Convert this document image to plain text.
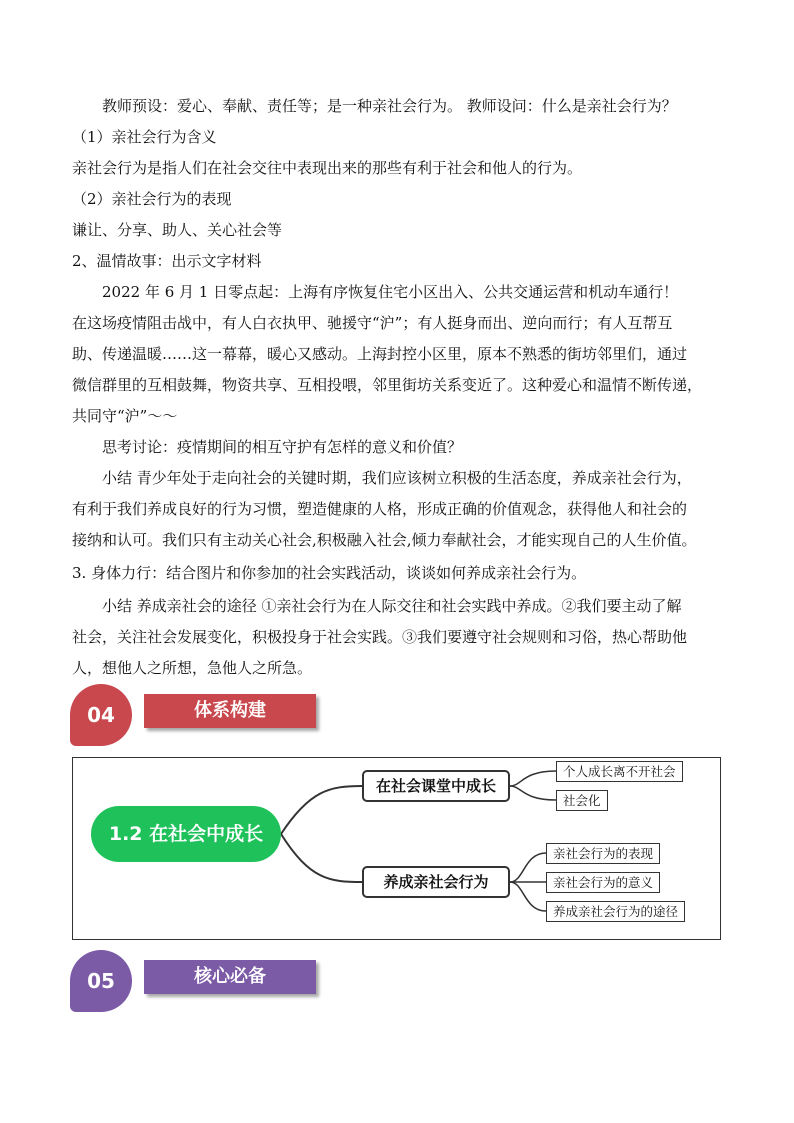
教师预设：爱心、奉献、责任等；是一种亲社会行为。 教师设问：什么是亲社会行为？
（1）亲社会行为含义
亲社会行为是指人们在社会交往中表现出来的那些有利于社会和他人的行为。
（2）亲社会行为的表现
谦让、分享、助人、关心社会等
2、温情故事：出示文字材料
2022 年 6 月 1 日零点起：上海有序恢复住宅小区出入、公共交通运营和机动车通行！
在这场疫情阻击战中，有人白衣执甲、驰援守“沪”；有人挺身而出、逆向而行；有人互帮互
助、传递温暖……这一幕幕，暖心又感动。上海封控小区里，原本不熟悉的街坊邻里们，通过
微信群里的互相鼓舞，物资共享、互相投喂，邻里街坊关系变近了。这种爱心和温情不断传递，
共同守“沪”～～
思考讨论：疫情期间的相互守护有怎样的意义和价值？
小结 青少年处于走向社会的关键时期，我们应该树立积极的生活态度，养成亲社会行为，
有利于我们养成良好的行为习惯，塑造健康的人格，形成正确的价值观念，获得他人和社会的
接纳和认可。我们只有主动关心社会,积极融入社会,倾力奉献社会，才能实现自己的人生价值。
3. 身体力行：结合图片和你参加的社会实践活动，谈谈如何养成亲社会行为。
小结 养成亲社会的途径 ①亲社会行为在人际交往和社会实践中养成。②我们要主动了解
社会，关注社会发展变化，积极投身于社会实践。③我们要遵守社会规则和习俗，热心帮助他
人，想他人之所想，急他人之所急。
04	体系构建
1.2 在社会中成长
在社会课堂中成长
个人成长离不开社会
社会化
养成亲社会行为
亲社会行为的表现
亲社会行为的意义
养成亲社会行为的途径
05	核心必备
